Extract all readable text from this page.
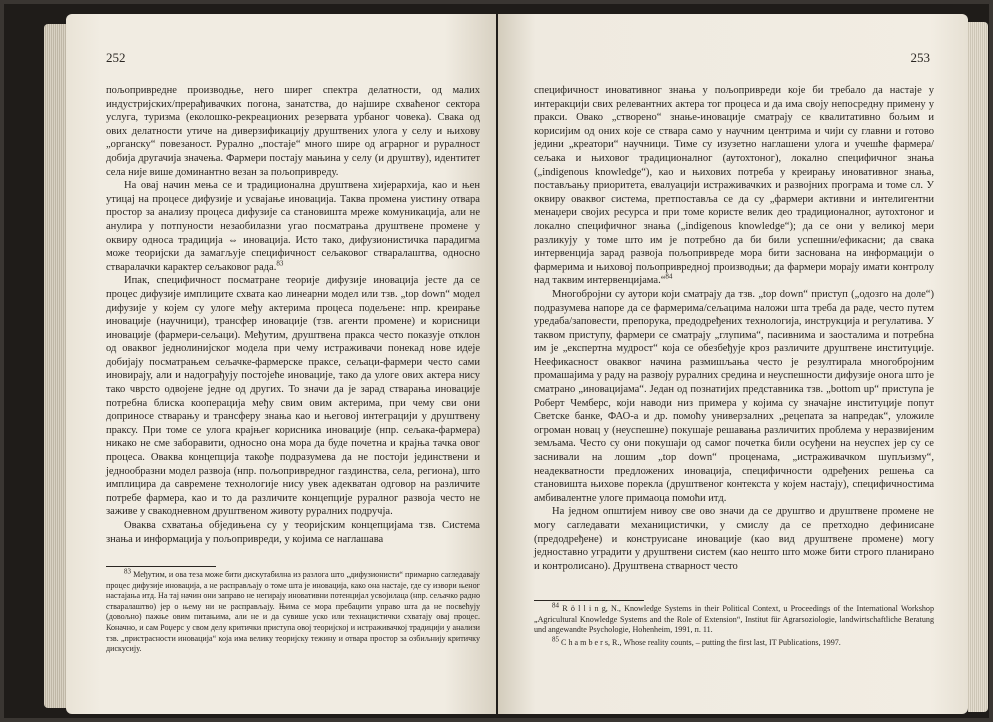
252

пољопривредне производње, него ширег спектра делатности, од малих индустријских/прерађивачких погона, занатства, до најшире схваћеног сектора услуга, туризма (еколошко-рекреационих резервата урбаног човека). Свака од ових делатности утиче на диверзификацију друштвених улога у селу и њихову „органску“ повезаност. Рурално „постаје“ много шире од аграрног и руралност добија другачија значења. Фармери постају мањина у селу (и друштву), идентитет села није више доминантно везан за пољопривреду.

На овај начин мења се и традиционална друштвена хијерархија, као и њен утицај на процесе дифузије и усвајање иновација. Таква промена уистину отвара простор за анализу процеса дифузије са становишта мреже комуникација, али не анулира у потпуности незаобилазни угао посматрања друштвене промене у оквиру односа традиција ⇔ иновација. Исто тако, дифузионистичка парадигма може теоријски да замагљује специфичност сељаковог стваралаштва, односно стваралачки карактер сељаковог рада.$^{83}$

Ипак, специфичност посматране теорије дифузије иновација јесте да се процес дифузије имплиците схвата као линеарни модел или тзв. „top down“ модел дифузије у којем су улоге међу актерима процеса подељене: нпр. креирање иновације (научници), трансфер иновације (тзв. агенти промене) и корисници иновације (фармери-сељаци). Међутим, друштвена пракса често показује отклон од оваквог једнолинијског модела при чему истраживачи понекад нове идеје добијају посматрањем сељачке-фармерске праксе, сељаци-фармери често сами иновирају, али и надограђују постојеће иновације, тако да улоге ових актера нису тако чврсто одвојене једне од других. То значи да је зарад стварања иновације потребна блиска кооперација међу свим овим актерима, при чему сви они доприносе стварању и трансферу знања као и његовој интеграцији у друштвену праксу. При томе се улога крајњег корисника иновације (нпр. сељака-фармера) никако не сме заборавити, односно она мора да буде почетна и крајња тачка овог процеса. Оваква концепција такође подразумева да не постоји јединствени и једнообразни модел развоја (нпр. пољопривредног газдинства, села, региона), што имплицира да савремене технологије нису увек адекватан одговор на различите потребе фармера, као и то да различите концепције руралног развоја често не заживе у свакодневном друштвеном животу руралних подручја.

Оваква схватања обједињена су у теоријским концепцијама тзв. Система знања и информација у пољопривреди, у којима се наглашава

$^{83}$ Међутим, и ова теза може бити дискутабилна из разлога што „дифузионисти“ примарно сагледавају процес дифузије иновација, а не расправљају о томе шта је иновација, како она настаје, где су извори њеног настајања итд. На тај начин они заправо не негирају иновативни потенцијал усвојилаца (нпр. сељачко радно стваралаштво) јер о њему ни не расправљају. Њима се мора пребацити управо шта да не посвећују (довољно) пажње овим питањима, али не и да сувише уско или технацистички схватају овај процес. Коначно, и сам Роџерс у свом делу критички приступа овој теоријској и истраживачкој традицији у анализи тзв. „пристрасности иновација“ која има велику теоријску тежину и отвара простор за озбиљнију критичку дискусију.

253

специфичност иновативног знања у пољопривреди које би требало да настаје у интеракцији свих релевантних актера тог процеса и да има своју непосредну примену у пракси. Овако „створено“ знање-иновације сматрају се квалитативно бољим и корисијим од оних које се ствара само у научним центрима и чији су главни и готово једини „креатори“ научници. Тиме су изузетно наглашени улога и учешће фармера/сељака и њиховог традиционалног (аутохтоног), локално специфичног знања („indigenous knowledge“), као и њихових потреба у креирању иновативног знања, постављању приоритета, евалуацији истраживачких и развојних програма и томе сл. У оквиру оваквог система, претпоставља се да су „фармери активни и интелигентни менаџери својих ресурса и при томе користе велик део традиционалног, аутохтоног и локално специфичног знања („indigenous knowledge“); да се они у великој мери разликују у томе што им је потребно да би били успешни/ефикасни; да свака интервенција зарад развоја пољопривреде мора бити заснована на информацији о фармерима и њиховој пољопривредној производњи; да фармери морају имати контролу над таквим интервенцијама.“$^{84}$

Многобројни су аутори који сматрају да тзв. „top down“ приступ („одозго на доле“) подразумева напоре да се фармерима/сељацима наложи шта треба да раде, често путем уредаба/заповести, препорука, предодређених технологија, инструкција и регулатива. У таквом приступу, фармери се сматрају „глупима“, пасивнима и заосталима и потребна им је „експертна мудрост“ која се обезбеђује кроз различите друштвене институције. Неефикасност оваквог начина размишљања често је резултирала многобројним промашајима у раду на развоју руралних средина и неуспешности дифузије онога што је сматрано „иновацијама“. Један од познатијих представника тзв. „bottom up“ приступа је Роберт Чемберс, који наводи низ примера у којима су значајне институције попут Светске банке, ФАО-а и др. помоћу универзалних „рецепата за напредак“, уложиле огроман новац у (неуспешне) покушаје решавања различитих проблема у неразвијеним земљама. Често су они покушаји од самог почетка били осуђени на неуспех јер су се заснивали на лошим „top down“ проценама, „истраживачком шупљизму“, неадекватности предложених иновација, специфичности одређених решења са становишта њихове порекла (друштвеног контекста у којем настају), специфичностима амбивалентне улоге примаоца помоћи итд.

На једном општијем нивоу све ово значи да се друштво и друштвене промене не могу сагледавати механицистички, у смислу да се претходно дефинисане (предодређене) и конструисане иновације (као вид друштвене промене) могу једноставно уградити у друштвени систем (као нешто што може бити строго планирано и контролисано). Друштвена стварност често

$^{84}$ R ö l l i n g, N., Knowledge Systems in their Political Context, u Proceedings of the International Workshop „Agricultural Knowledge Systems and the Role of Extension“, Institut für Agrarsoziologie, landwirtschaftliche Beratung und angewandte Psychologie, Hohenheim, 1991, п. 11.

$^{85}$ C h a m b e r s, R., Whose reality counts, – putting the first last, IT Publications, 1997.
